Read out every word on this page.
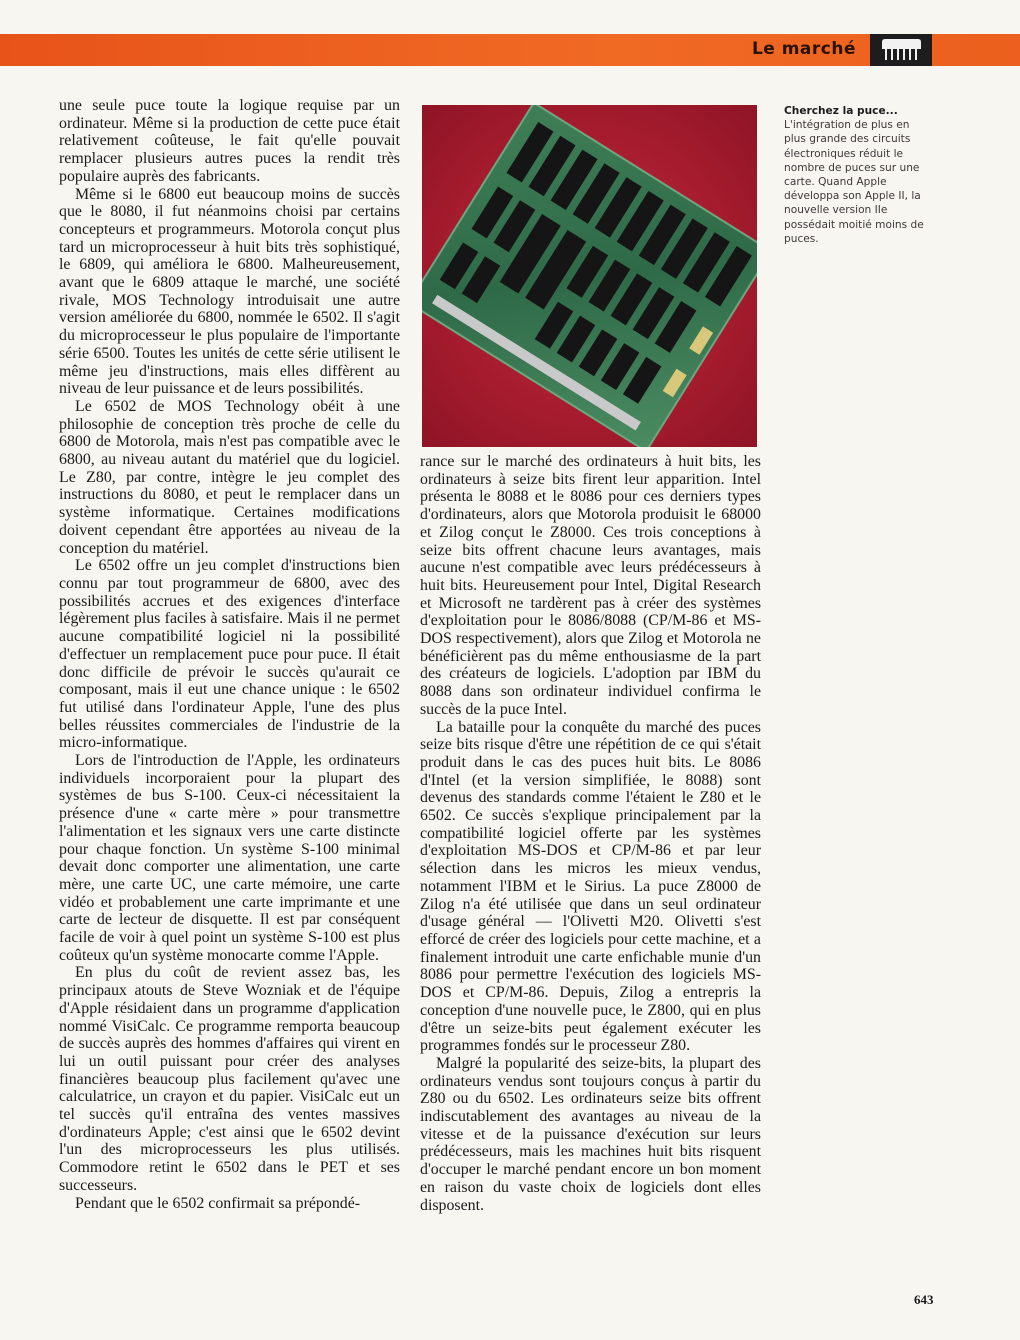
Le marché

une seule puce toute la logique requise par un ordinateur. Même si la production de cette puce était relativement coûteuse, le fait qu'elle pouvait remplacer plusieurs autres puces la rendit très populaire auprès des fabricants.

Même si le 6800 eut beaucoup moins de succès que le 8080, il fut néanmoins choisi par certains concepteurs et programmeurs. Motorola conçut plus tard un microprocesseur à huit bits très sophistiqué, le 6809, qui améliora le 6800. Malheureusement, avant que le 6809 attaque le marché, une société rivale, MOS Technology introduisait une autre version améliorée du 6800, nommée le 6502. Il s'agit du microprocesseur le plus populaire de l'importante série 6500. Toutes les unités de cette série utilisent le même jeu d'instructions, mais elles diffèrent au niveau de leur puissance et de leurs possibilités.

Le 6502 de MOS Technology obéit à une philosophie de conception très proche de celle du 6800 de Motorola, mais n'est pas compatible avec le 6800, au niveau autant du matériel que du logiciel. Le Z80, par contre, intègre le jeu complet des instructions du 8080, et peut le remplacer dans un système informatique. Certaines modifications doivent cependant être apportées au niveau de la conception du matériel.

Le 6502 offre un jeu complet d'instructions bien connu par tout programmeur de 6800, avec des possibilités accrues et des exigences d'interface légèrement plus faciles à satisfaire. Mais il ne permet aucune compatibilité logiciel ni la possibilité d'effectuer un remplacement puce pour puce. Il était donc difficile de prévoir le succès qu'aurait ce composant, mais il eut une chance unique : le 6502 fut utilisé dans l'ordinateur Apple, l'une des plus belles réussites commerciales de l'industrie de la micro-informatique.

Lors de l'introduction de l'Apple, les ordinateurs individuels incorporaient pour la plupart des systèmes de bus S-100. Ceux-ci nécessitaient la présence d'une « carte mère » pour transmettre l'alimentation et les signaux vers une carte distincte pour chaque fonction. Un système S-100 minimal devait donc comporter une alimentation, une carte mère, une carte UC, une carte mémoire, une carte vidéo et probablement une carte imprimante et une carte de lecteur de disquette. Il est par conséquent facile de voir à quel point un système S-100 est plus coûteux qu'un système monocarte comme l'Apple.

En plus du coût de revient assez bas, les principaux atouts de Steve Wozniak et de l'équipe d'Apple résidaient dans un programme d'application nommé VisiCalc. Ce programme remporta beaucoup de succès auprès des hommes d'affaires qui virent en lui un outil puissant pour créer des analyses financières beaucoup plus facilement qu'avec une calculatrice, un crayon et du papier. VisiCalc eut un tel succès qu'il entraîna des ventes massives d'ordinateurs Apple; c'est ainsi que le 6502 devint l'un des microprocesseurs les plus utilisés. Commodore retint le 6502 dans le PET et ses successeurs.

Pendant que le 6502 confirmait sa prépondé-

Cherchez la puce...
L'intégration de plus en plus grande des circuits électroniques réduit le nombre de puces sur une carte. Quand Apple développa son Apple II, la nouvelle version IIe possédait moitié moins de puces.

rance sur le marché des ordinateurs à huit bits, les ordinateurs à seize bits firent leur apparition. Intel présenta le 8088 et le 8086 pour ces derniers types d'ordinateurs, alors que Motorola produisit le 68000 et Zilog conçut le Z8000. Ces trois conceptions à seize bits offrent chacune leurs avantages, mais aucune n'est compatible avec leurs prédécesseurs à huit bits. Heureusement pour Intel, Digital Research et Microsoft ne tardèrent pas à créer des systèmes d'exploitation pour le 8086/8088 (CP/M-86 et MS-DOS respectivement), alors que Zilog et Motorola ne bénéficièrent pas du même enthousiasme de la part des créateurs de logiciels. L'adoption par IBM du 8088 dans son ordinateur individuel confirma le succès de la puce Intel.

La bataille pour la conquête du marché des puces seize bits risque d'être une répétition de ce qui s'était produit dans le cas des puces huit bits. Le 8086 d'Intel (et la version simplifiée, le 8088) sont devenus des standards comme l'étaient le Z80 et le 6502. Ce succès s'explique principalement par la compatibilité logiciel offerte par les systèmes d'exploitation MS-DOS et CP/M-86 et par leur sélection dans les micros les mieux vendus, notamment l'IBM et le Sirius. La puce Z8000 de Zilog n'a été utilisée que dans un seul ordinateur d'usage général — l'Olivetti M20. Olivetti s'est efforcé de créer des logiciels pour cette machine, et a finalement introduit une carte enfichable munie d'un 8086 pour permettre l'exécution des logiciels MS-DOS et CP/M-86. Depuis, Zilog a entrepris la conception d'une nouvelle puce, le Z800, qui en plus d'être un seize-bits peut également exécuter les programmes fondés sur le processeur Z80.

Malgré la popularité des seize-bits, la plupart des ordinateurs vendus sont toujours conçus à partir du Z80 ou du 6502. Les ordinateurs seize bits offrent indiscutablement des avantages au niveau de la vitesse et de la puissance d'exécution sur leurs prédécesseurs, mais les machines huit bits risquent d'occuper le marché pendant encore un bon moment en raison du vaste choix de logiciels dont elles disposent.

643
